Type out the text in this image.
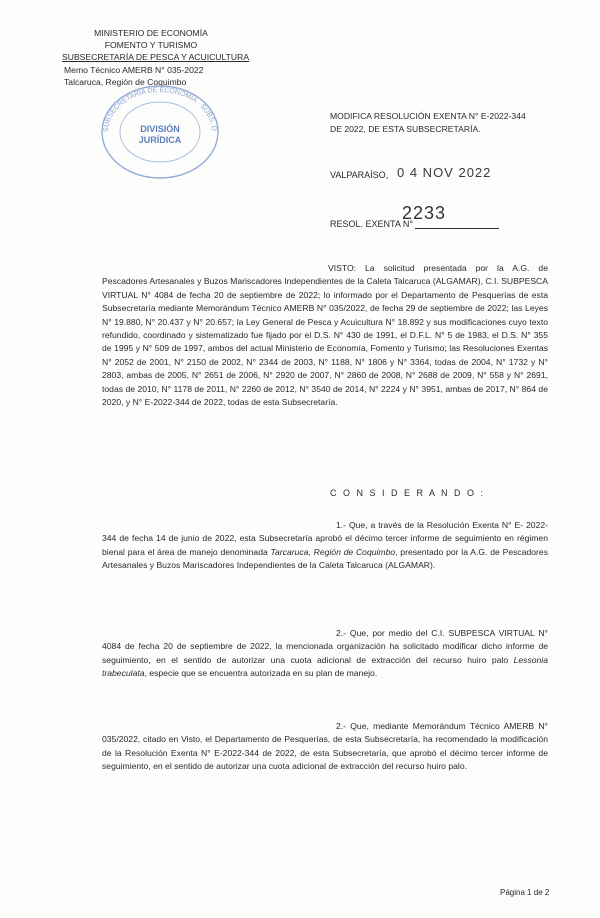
MINISTERIO DE ECONOMÍA
FOMENTO Y TURISMO
SUBSECRETARÍA DE PESCA Y ACUICULTURA
Memo Técnico AMERB N° 035-2022
Talcaruca, Región de Coquimbo
SUBSECRETARÍA DE ECONOMÍA · SUBS. D
DIVISIÓN
JURÍDICA
MODIFICA RESOLUCIÓN EXENTA N° E-2022-344
DE 2022, DE ESTA SUBSECRETARÍA.
VALPARAÍSO, 0 4 NOV 2022
RESOL. EXENTA N°
2233
VISTO: La solicitud presentada por la A.G. de Pescadores Artesanales y Buzos Mariscadores Independientes de la Caleta Talcaruca (ALGAMAR), C.I. SUBPESCA VIRTUAL N° 4084 de fecha 20 de septiembre de 2022; lo informado por el Departamento de Pesquerías de esta Subsecretaría mediante Memorándum Técnico AMERB N° 035/2022, de fecha 29 de septiembre de 2022; las Leyes N° 19.880, N° 20.437 y N° 20.657; la Ley General de Pesca y Acuicultura N° 18.892 y sus modificaciones cuyo texto refundido, coordinado y sistematizado fue fijado por el D.S. N° 430 de 1991, el D.F.L. N° 5 de 1983, el D.S. N° 355 de 1995 y N° 509 de 1997, ambos del actual Ministerio de Economía, Fomento y Turismo; las Resoluciones Exentas N° 2052 de 2001, N° 2150 de 2002, N° 2344 de 2003, N° 1188, N° 1806 y N° 3364, todas de 2004, N° 1732 y N° 2803, ambas de 2005, N° 2651 de 2006, N° 2920 de 2007, N° 2860 de 2008, N° 2688 de 2009, N° 558 y N° 2691, todas de 2010, N° 1178 de 2011, N° 2260 de 2012, N° 3540 de 2014, N° 2224 y N° 3951, ambas de 2017, N° 864 de 2020, y N° E-2022-344 de 2022, todas de esta Subsecretaría.
C O N S I D E R A N D O :
1.- Que, a través de la Resolución Exenta N° E- 2022-344 de fecha 14 de junio de 2022, esta Subsecretaría aprobó el décimo tercer informe de seguimiento en régimen bienal para el área de manejo denominada Tarcaruca, Región de Coquimbo, presentado por la A.G. de Pescadores Artesanales y Buzos Mariscadores Independientes de la Caleta Talcaruca (ALGAMAR).
2.- Que, por medio del C.I. SUBPESCA VIRTUAL N° 4084 de fecha 20 de septiembre de 2022, la mencionada organización ha solicitado modificar dicho informe de seguimiento, en el sentido de autorizar una cuota adicional de extracción del recurso huiro palo Lessonia trabeculata, especie que se encuentra autorizada en su plan de manejo.
2.- Que, mediante Memorándum Técnico AMERB N° 035/2022, citado en Visto, el Departamento de Pesquerías, de esta Subsecretaría, ha recomendado la modificación de la Resolución Exenta N° E-2022-344 de 2022, de esta Subsecretaría, que aprobó el décimo tercer informe de seguimiento, en el sentido de autorizar una cuota adicional de extracción del recurso huiro palo.
Página 1 de 2
